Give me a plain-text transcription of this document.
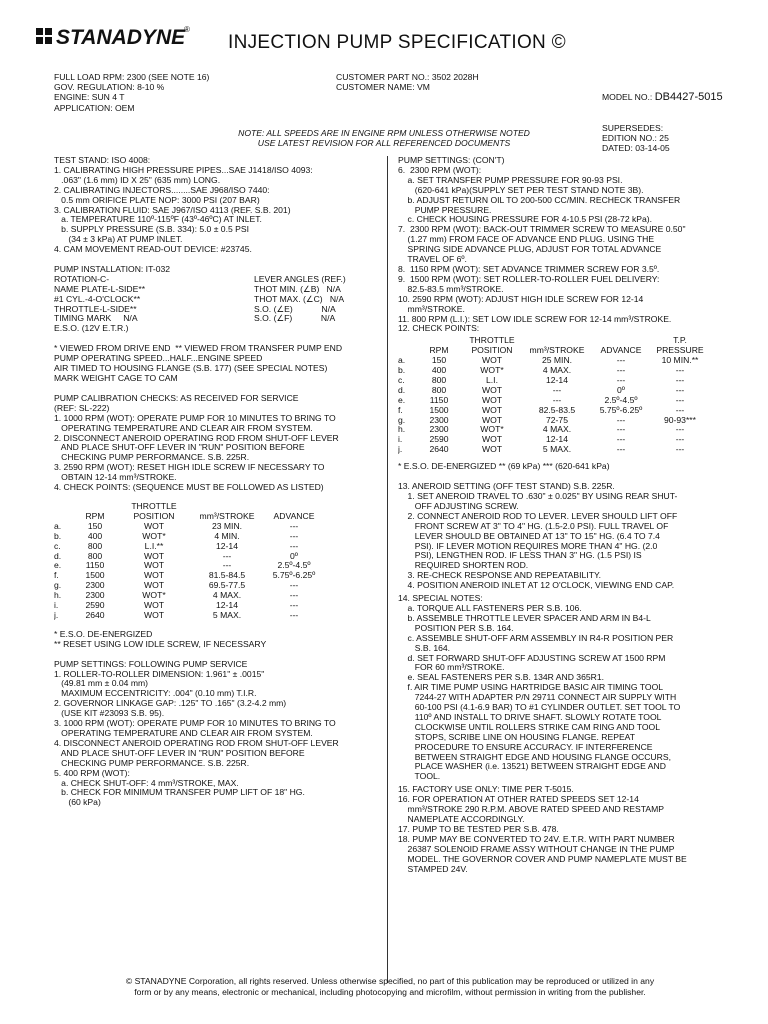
STANADYNE
®
INJECTION PUMP SPECIFICATION ©
FULL LOAD RPM: 2300 (SEE NOTE 16)
GOV. REGULATION: 8-10 %
ENGINE: SUN 4 T
APPLICATION: OEM
CUSTOMER PART NO.: 3502 2028H
CUSTOMER NAME: VM

MODEL NO.: DB4427-5015

SUPERSEDES:
EDITION NO.: 25
DATED: 03-14-05

NOTE: ALL SPEEDS ARE IN ENGINE RPM UNLESS OTHERWISE NOTED
USE LATEST REVISION FOR ALL REFERENCED DOCUMENTS
TEST STAND: ISO 4008:
1. CALIBRATING HIGH PRESSURE PIPES...SAE J1418/ISO 4093:
.063" (1.6 mm) ID X 25" (635 mm) LONG.
2. CALIBRATING INJECTORS........SAE J968/ISO 7440:
0.5 mm ORIFICE PLATE NOP: 3000 PSI (207 BAR)
3. CALIBRATION FLUID: SAE J967/ISO 4113 (REF. S.B. 201)
a. TEMPERATURE 110º-115ºF (43º-46ºC) AT INLET.
b. SUPPLY PRESSURE (S.B. 334): 5.0 ± 0.5 PSI
(34 ± 3 kPa) AT PUMP INLET.
4. CAM MOVEMENT READ-OUT DEVICE: #23745.
PUMP INSTALLATION: IT-032
ROTATION-C-	LEVER ANGLES (REF.)
NAME PLATE-L-SIDE**	THOT MIN. (∠B)   N/A
#1 CYL.-4-O'CLOCK**	THOT MAX. (∠C)   N/A
THROTTLE-L-SIDE**	S.O. (∠E)            N/A
TIMING MARK     N/A	S.O. (∠F)            N/A
E.S.O. (12V E.T.R.)	
* VIEWED FROM DRIVE END  ** VIEWED FROM TRANSFER PUMP END
PUMP OPERATING SPEED...HALF...ENGINE SPEED
AIR TIMED TO HOUSING FLANGE (S.B. 177) (SEE SPECIAL NOTES)
MARK WEIGHT CAGE TO CAM
PUMP CALIBRATION CHECKS: AS RECEIVED FOR SERVICE
(REF: SL-222)
1. 1000 RPM (WOT): OPERATE PUMP FOR 10 MINUTES TO BRING TO
OPERATING TEMPERATURE AND CLEAR AIR FROM SYSTEM.
2. DISCONNECT ANEROID OPERATING ROD FROM SHUT-OFF LEVER
AND PLACE SHUT-OFF LEVER IN "RUN" POSITION BEFORE
CHECKING PUMP PERFORMANCE. S.B. 225R.
3. 2590 RPM (WOT): RESET HIGH IDLE SCREW IF NECESSARY TO
OBTAIN 12-14 mm³/STROKE.
4. CHECK POINTS: (SEQUENCE MUST BE FOLLOWED AS LISTED)
	RPM	THROTTLE
POSITION	mm³/STROKE	ADVANCE
a.	150	WOT	23 MIN.	---
b.	400	WOT*	4 MIN.	---
c.	800	L.I.**	12-14	---
d.	800	WOT	---	0º
e.	1150	WOT	---	2.5º-4.5º
f.	1500	WOT	81.5-84.5	5.75º-6.25º
g.	2300	WOT	69.5-77.5	---
h.	2300	WOT*	4 MAX.	---
i.	2590	WOT	12-14	---
j.	2640	WOT	5 MAX.	---
* E.S.O. DE-ENERGIZED
** RESET USING LOW IDLE SCREW, IF NECESSARY
PUMP SETTINGS: FOLLOWING PUMP SERVICE
1. ROLLER-TO-ROLLER DIMENSION: 1.961" ± .0015"
(49.81 mm ± 0.04 mm)
MAXIMUM ECCENTRICITY: .004" (0.10 mm) T.I.R.
2. GOVERNOR LINKAGE GAP: .125" TO .165" (3.2-4.2 mm)
(USE KIT #23093 S.B. 95).
3. 1000 RPM (WOT): OPERATE PUMP FOR 10 MINUTES TO BRING TO
OPERATING TEMPERATURE AND CLEAR AIR FROM SYSTEM.
4. DISCONNECT ANEROID OPERATING ROD FROM SHUT-OFF LEVER
AND PLACE SHUT-OFF LEVER IN "RUN" POSITION BEFORE
CHECKING PUMP PERFORMANCE. S.B. 225R.
5. 400 RPM (WOT):
a. CHECK SHUT-OFF: 4 mm³/STROKE, MAX.
b. CHECK FOR MINIMUM TRANSFER PUMP LIFT OF 18" HG.
(60 kPa)
PUMP SETTINGS: (CON'T)
6.  2300 RPM (WOT):
a. SET TRANSFER PUMP PRESSURE FOR 90-93 PSI.
(620-641 kPa)(SUPPLY SET PER TEST STAND NOTE 3B).
b. ADJUST RETURN OIL TO 200-500 CC/MIN. RECHECK TRANSFER
PUMP PRESSURE.
c. CHECK HOUSING PRESSURE FOR 4-10.5 PSI (28-72 kPa).
7.  2300 RPM (WOT): BACK-OUT TRIMMER SCREW TO MEASURE 0.50"
(1.27 mm) FROM FACE OF ADVANCE END PLUG. USING THE
SPRING SIDE ADVANCE PLUG, ADJUST FOR TOTAL ADVANCE
TRAVEL OF 6º.
8.  1150 RPM (WOT): SET ADVANCE TRIMMER SCREW FOR 3.5º.
9.  1500 RPM (WOT): SET ROLLER-TO-ROLLER FUEL DELIVERY:
82.5-83.5 mm³/STROKE.
10. 2590 RPM (WOT): ADJUST HIGH IDLE SCREW FOR 12-14
mm³/STROKE.
11. 800 RPM (L.I.): SET LOW IDLE SCREW FOR 12-14 mm³/STROKE.
12. CHECK POINTS:
	RPM	THROTTLE
POSITION	mm³/STROKE	ADVANCE	T.P.
PRESSURE
a.	150	WOT	25 MIN.	---	10 MIN.**
b.	400	WOT*	4 MAX.	---	---
c.	800	L.I.	12-14	---	---
d.	800	WOT	---	0º	---
e.	1150	WOT	---	2.5º-4.5º	---
f.	1500	WOT	82.5-83.5	5.75º-6.25º	---
g.	2300	WOT	72-75	---	90-93***
h.	2300	WOT*	4 MAX.	---	---
i.	2590	WOT	12-14	---	---
j.	2640	WOT	5 MAX.	---	---
* E.S.O. DE-ENERGIZED ** (69 kPa) *** (620-641 kPa)
13. ANEROID SETTING (OFF TEST STAND) S.B. 225R.
1. SET ANEROID TRAVEL TO .630" ± 0.025" BY USING REAR SHUT-
OFF ADJUSTING SCREW.
2. CONNECT ANEROID ROD TO LEVER. LEVER SHOULD LIFT OFF
FRONT SCREW AT 3" TO 4" HG. (1.5-2.0 PSI). FULL TRAVEL OF
LEVER SHOULD BE OBTAINED AT 13" TO 15" HG. (6.4 TO 7.4
PSI). IF LEVER MOTION REQUIRES MORE THAN 4" HG. (2.0
PSI), LENGTHEN ROD. IF LESS THAN 3" HG. (1.5 PSI) IS
REQUIRED SHORTEN ROD.
3. RE-CHECK RESPONSE AND REPEATABILITY.
4. POSITION ANEROID INLET AT 12 O'CLOCK, VIEWING END CAP.
14. SPECIAL NOTES:
a. TORQUE ALL FASTENERS PER S.B. 106.
b. ASSEMBLE THROTTLE LEVER SPACER AND ARM IN B4-L
POSITION PER S.B. 164.
c. ASSEMBLE SHUT-OFF ARM ASSEMBLY IN R4-R POSITION PER
S.B. 164.
d. SET FORWARD SHUT-OFF ADJUSTING SCREW AT 1500 RPM
FOR 60 mm³/STROKE.
e. SEAL FASTENERS PER S.B. 134R AND 365R1.
f. AIR TIME PUMP USING HARTRIDGE BASIC AIR TIMING TOOL
7244-27 WITH ADAPTER P/N 29711 CONNECT AIR SUPPLY WITH
60-100 PSI (4.1-6.9 BAR) TO #1 CYLINDER OUTLET. SET TOOL TO
110º AND INSTALL TO DRIVE SHAFT. SLOWLY ROTATE TOOL
CLOCKWISE UNTIL ROLLERS STRIKE CAM RING AND TOOL
STOPS, SCRIBE LINE ON HOUSING FLANGE. REPEAT
PROCEDURE TO ENSURE ACCURACY. IF INTERFERENCE
BETWEEN STRAIGHT EDGE AND HOUSING FLANGE OCCURS,
PLACE WASHER (i.e. 13521) BETWEEN STRAIGHT EDGE AND
TOOL.
15. FACTORY USE ONLY: TIME PER T-5015.
16. FOR OPERATION AT OTHER RATED SPEEDS SET 12-14
mm³/STROKE 290 R.P.M. ABOVE RATED SPEED AND RESTAMP
NAMEPLATE ACCORDINGLY.
17. PUMP TO BE TESTED PER S.B. 478.
18. PUMP MAY BE CONVERTED TO 24V. E.T.R. WITH PART NUMBER
26387 SOLENOID FRAME ASSY WITHOUT CHANGE IN THE PUMP
MODEL. THE GOVERNOR COVER AND PUMP NAMEPLATE MUST BE
STAMPED 24V.
© STANADYNE Corporation, all rights reserved. Unless otherwise specified, no part of this publication may be reproduced or utilized in any
form or by any means, electronic or mechanical, including photocopying and microfilm, without permission in writing from the publisher.
